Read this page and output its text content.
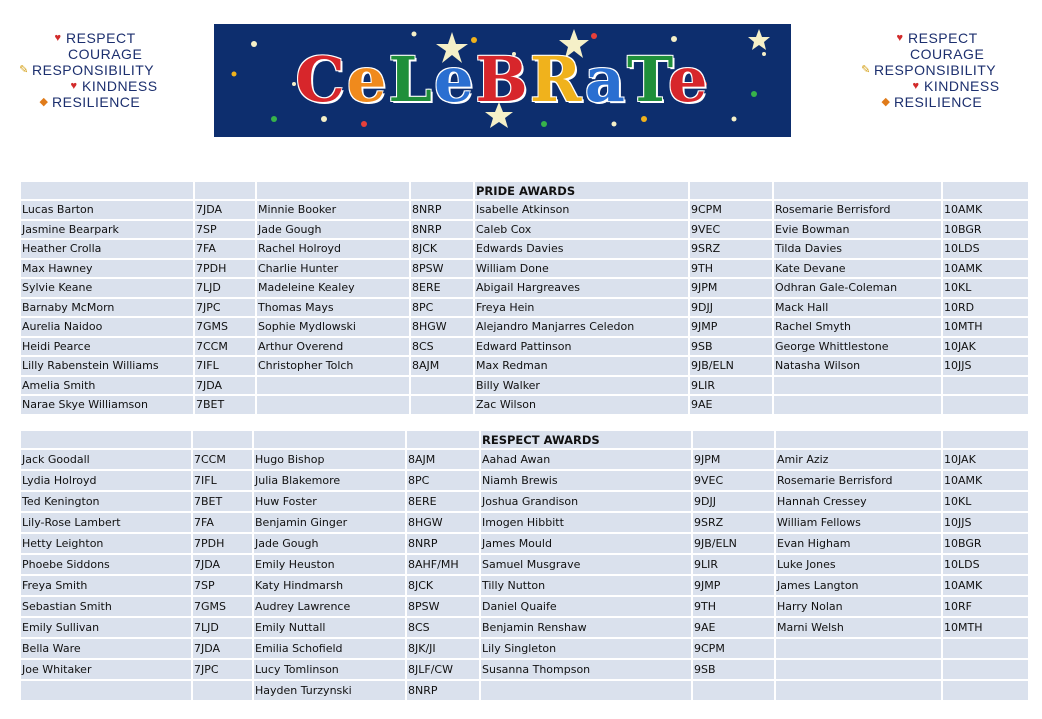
♥ RESPECT
COURAGE
✎ RESPONSIBILITY
♥ KINDNESS
◆ RESILIENCE	CeLeBRaTe
♥ RESPECT
COURAGE
✎ RESPONSIBILITY
♥ KINDNESS
◆ RESILIENCE
				PRIDE AWARDS			
Lucas Barton	7JDA	Minnie Booker	8NRP	Isabelle Atkinson	9CPM	Rosemarie Berrisford	10AMK
Jasmine Bearpark	7SP	Jade Gough	8NRP	Caleb Cox	9VEC	Evie Bowman	10BGR
Heather Crolla	7FA	Rachel Holroyd	8JCK	Edwards Davies	9SRZ	Tilda Davies	10LDS
Max Hawney	7PDH	Charlie Hunter	8PSW	William Done	9TH	Kate Devane	10AMK
Sylvie Keane	7LJD	Madeleine Kealey	8ERE	Abigail Hargreaves	9JPM	Odhran Gale-Coleman	10KL
Barnaby McMorn	7JPC	Thomas Mays	8PC	Freya Hein	9DJJ	Mack Hall	10RD
Aurelia Naidoo	7GMS	Sophie Mydlowski	8HGW	Alejandro Manjarres Celedon	9JMP	Rachel Smyth	10MTH
Heidi Pearce	7CCM	Arthur Overend	8CS	Edward Pattinson	9SB	George Whittlestone	10JAK
Lilly Rabenstein Williams	7IFL	Christopher Tolch	8AJM	Max Redman	9JB/ELN	Natasha Wilson	10JJS
Amelia Smith	7JDA			Billy Walker	9LIR		
Narae Skye Williamson	7BET			Zac Wilson	9AE		
				RESPECT AWARDS			
Jack Goodall	7CCM	Hugo Bishop	8AJM	Aahad Awan	9JPM	Amir Aziz	10JAK
Lydia Holroyd	7IFL	Julia Blakemore	8PC	Niamh Brewis	9VEC	Rosemarie Berrisford	10AMK
Ted Kenington	7BET	Huw Foster	8ERE	Joshua Grandison	9DJJ	Hannah Cressey	10KL
Lily-Rose Lambert	7FA	Benjamin Ginger	8HGW	Imogen Hibbitt	9SRZ	William Fellows	10JJS
Hetty Leighton	7PDH	Jade Gough	8NRP	James Mould	9JB/ELN	Evan Higham	10BGR
Phoebe Siddons	7JDA	Emily Heuston	8AHF/MH	Samuel Musgrave	9LIR	Luke Jones	10LDS
Freya Smith	7SP	Katy Hindmarsh	8JCK	Tilly Nutton	9JMP	James Langton	10AMK
Sebastian Smith	7GMS	Audrey Lawrence	8PSW	Daniel Quaife	9TH	Harry Nolan	10RF
Emily Sullivan	7LJD	Emily Nuttall	8CS	Benjamin Renshaw	9AE	Marni Welsh	10MTH
Bella Ware	7JDA	Emilia Schofield	8JK/JI	Lily Singleton	9CPM		
Joe Whitaker	7JPC	Lucy Tomlinson	8JLF/CW	Susanna Thompson	9SB		
		Hayden Turzynski	8NRP				
